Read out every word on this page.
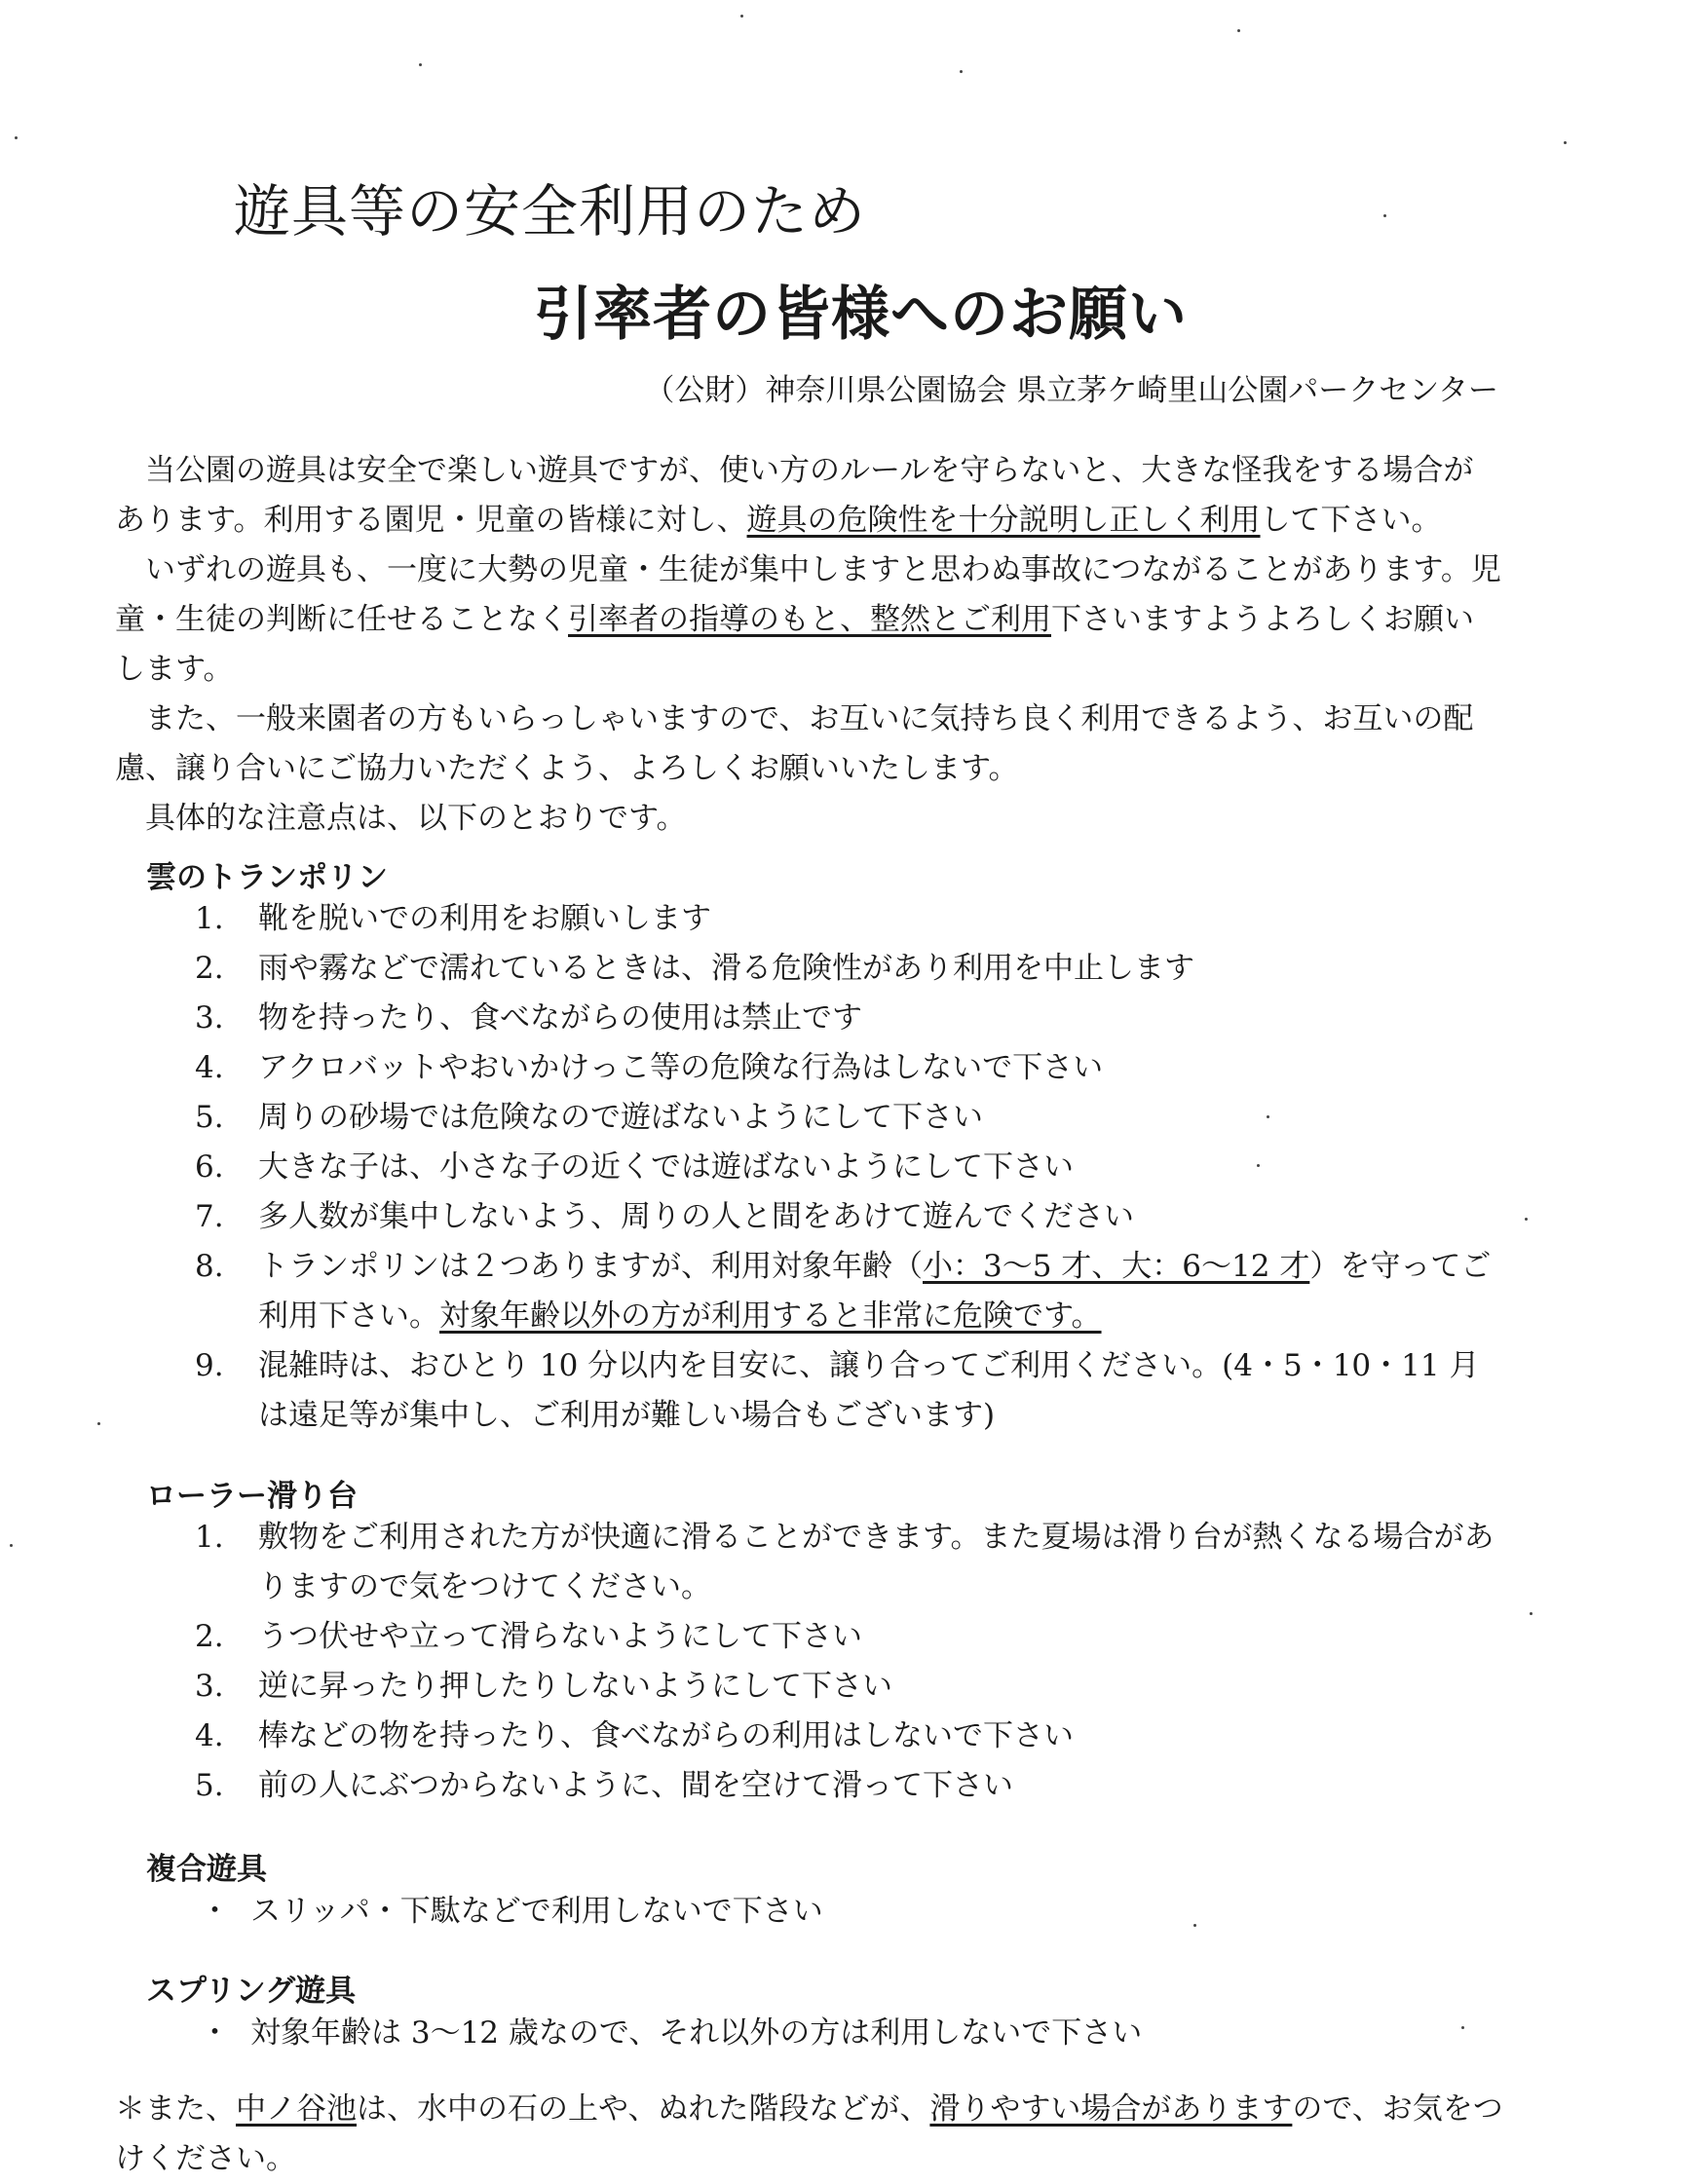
遊具等の安全利用のため
引率者の皆様へのお願い
（公財）神奈川県公園協会 県立茅ケ崎里山公園パークセンター

当公園の遊具は安全で楽しい遊具ですが、使い方のルールを守らないと、大きな怪我をする場合があります。利用する園児・児童の皆様に対し、遊具の危険性を十分説明し正しく利用して下さい。

いずれの遊具も、一度に大勢の児童・生徒が集中しますと思わぬ事故につながることがあります。児童・生徒の判断に任せることなく引率者の指導のもと、整然とご利用下さいますようよろしくお願いします。

また、一般来園者の方もいらっしゃいますので、お互いに気持ち良く利用できるよう、お互いの配慮、譲り合いにご協力いただくよう、よろしくお願いいたします。

具体的な注意点は、以下のとおりです。

雲のトランポリン
1.	靴を脱いでの利用をお願いします
2.	雨や霧などで濡れているときは、滑る危険性があり利用を中止します
3.	物を持ったり、食べながらの使用は禁止です
4.	アクロバットやおいかけっこ等の危険な行為はしないで下さい
5.	周りの砂場では危険なので遊ばないようにして下さい
6.	大きな子は、小さな子の近くでは遊ばないようにして下さい
7.	多人数が集中しないよう、周りの人と間をあけて遊んでください
8.	トランポリンは２つありますが、利用対象年齢（小：3～5 才、大：6～12 才）を守ってご利用下さい。対象年齢以外の方が利用すると非常に危険です。
9.	混雑時は、おひとり 10 分以内を目安に、譲り合ってご利用ください。(4・5・10・11 月は遠足等が集中し、ご利用が難しい場合もございます)
ローラー滑り台
1.	敷物をご利用された方が快適に滑ることができます。また夏場は滑り台が熱くなる場合がありますので気をつけてください。
2.	うつ伏せや立って滑らないようにして下さい
3.	逆に昇ったり押したりしないようにして下さい
4.	棒などの物を持ったり、食べながらの利用はしないで下さい
5.	前の人にぶつからないように、間を空けて滑って下さい
複合遊具
・ スリッパ・下駄などで利用しないで下さい
スプリング遊具
・ 対象年齢は 3～12 歳なので、それ以外の方は利用しないで下さい
＊また、中ノ谷池は、水中の石の上や、ぬれた階段などが、滑りやすい場合がありますので、お気をつけください。
